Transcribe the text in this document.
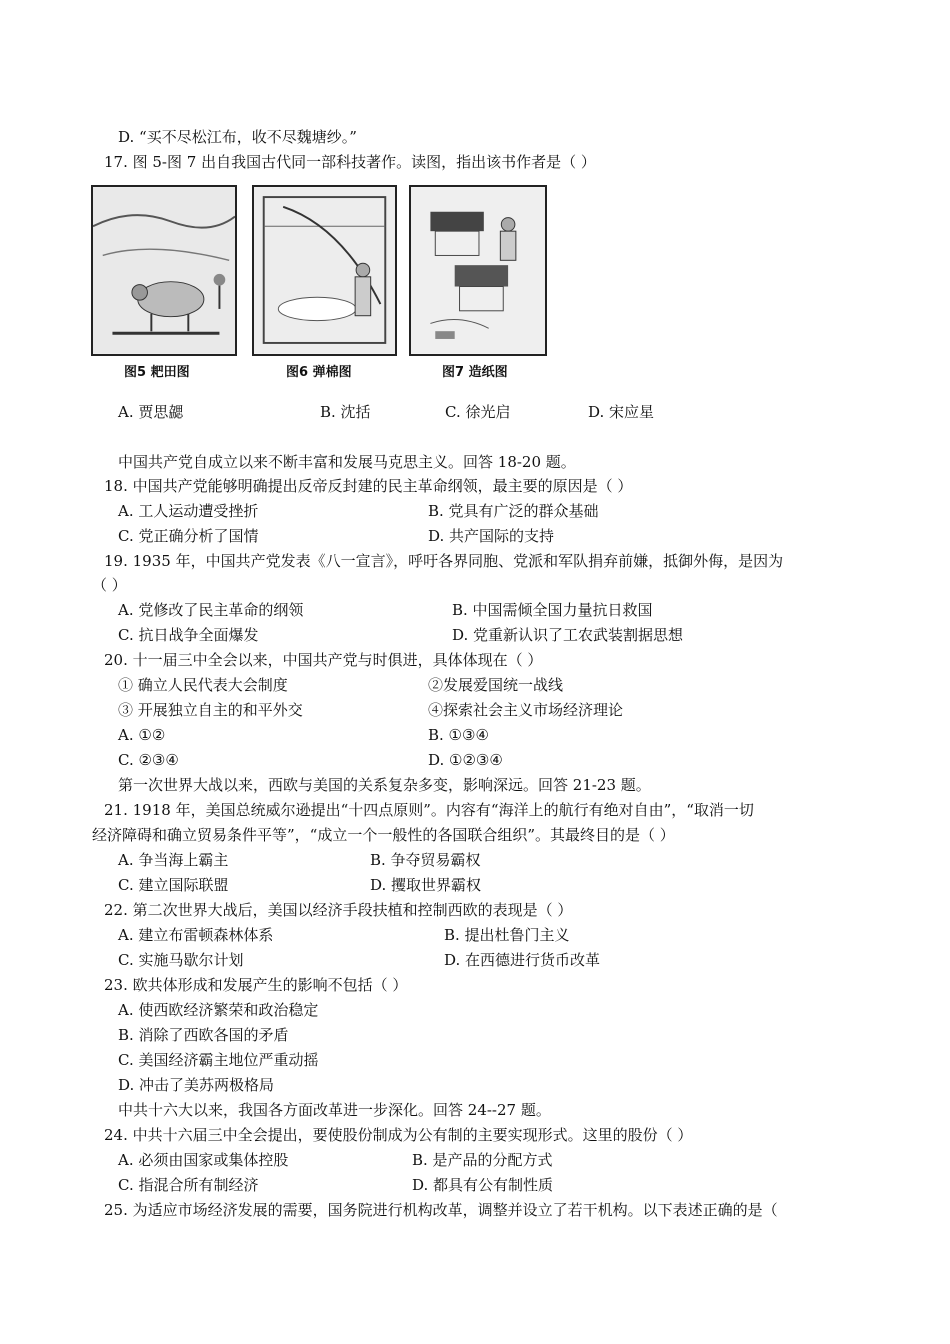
D. “买不尽松江布，收不尽魏塘纱。”
17. 图 5-图 7 出自我国古代同一部科技著作。读图，指出该书作者是（ ）
图5 耙田图	图6 弹棉图	图7 造纸图
A. 贾思勰	B. 沈括	C. 徐光启	D. 宋应星
中国共产党自成立以来不断丰富和发展马克思主义。回答 18-20 题。
18. 中国共产党能够明确提出反帝反封建的民主革命纲领，最主要的原因是（ ）
A. 工人运动遭受挫折	B. 党具有广泛的群众基础
C. 党正确分析了国情	D. 共产国际的支持
19. 1935 年，中国共产党发表《八一宣言》，呼吁各界同胞、党派和军队捐弃前嫌，抵御外侮，是因为
（ ）
A. 党修改了民主革命的纲领	B. 中国需倾全国力量抗日救国
C. 抗日战争全面爆发	D. 党重新认识了工农武装割据思想
20. 十一届三中全会以来，中国共产党与时俱进，具体体现在（ ）
① 确立人民代表大会制度	②发展爱国统一战线
③ 开展独立自主的和平外交	④探索社会主义市场经济理论
A. ①②	B. ①③④
C. ②③④	D. ①②③④
第一次世界大战以来，西欧与美国的关系复杂多变，影响深远。回答 21-23 题。
21. 1918 年，美国总统威尔逊提出“十四点原则”。内容有“海洋上的航行有绝对自由”，“取消一切
经济障碍和确立贸易条件平等”，“成立一个一般性的各国联合组织”。其最终目的是（ ）
A. 争当海上霸主	B. 争夺贸易霸权
C. 建立国际联盟	D. 攫取世界霸权
22. 第二次世界大战后，美国以经济手段扶植和控制西欧的表现是（ ）
A. 建立布雷顿森林体系	B. 提出杜鲁门主义
C. 实施马歇尔计划	D. 在西德进行货币改革
23. 欧共体形成和发展产生的影响不包括（ ）
A. 使西欧经济繁荣和政治稳定
B. 消除了西欧各国的矛盾
C. 美国经济霸主地位严重动摇
D. 冲击了美苏两极格局
中共十六大以来，我国各方面改革进一步深化。回答 24--27 题。
24. 中共十六届三中全会提出，要使股份制成为公有制的主要实现形式。这里的股份（ ）
A. 必须由国家或集体控股	B. 是产品的分配方式
C. 指混合所有制经济	D. 都具有公有制性质
25. 为适应市场经济发展的需要，国务院进行机构改革，调整并设立了若干机构。以下表述正确的是（
